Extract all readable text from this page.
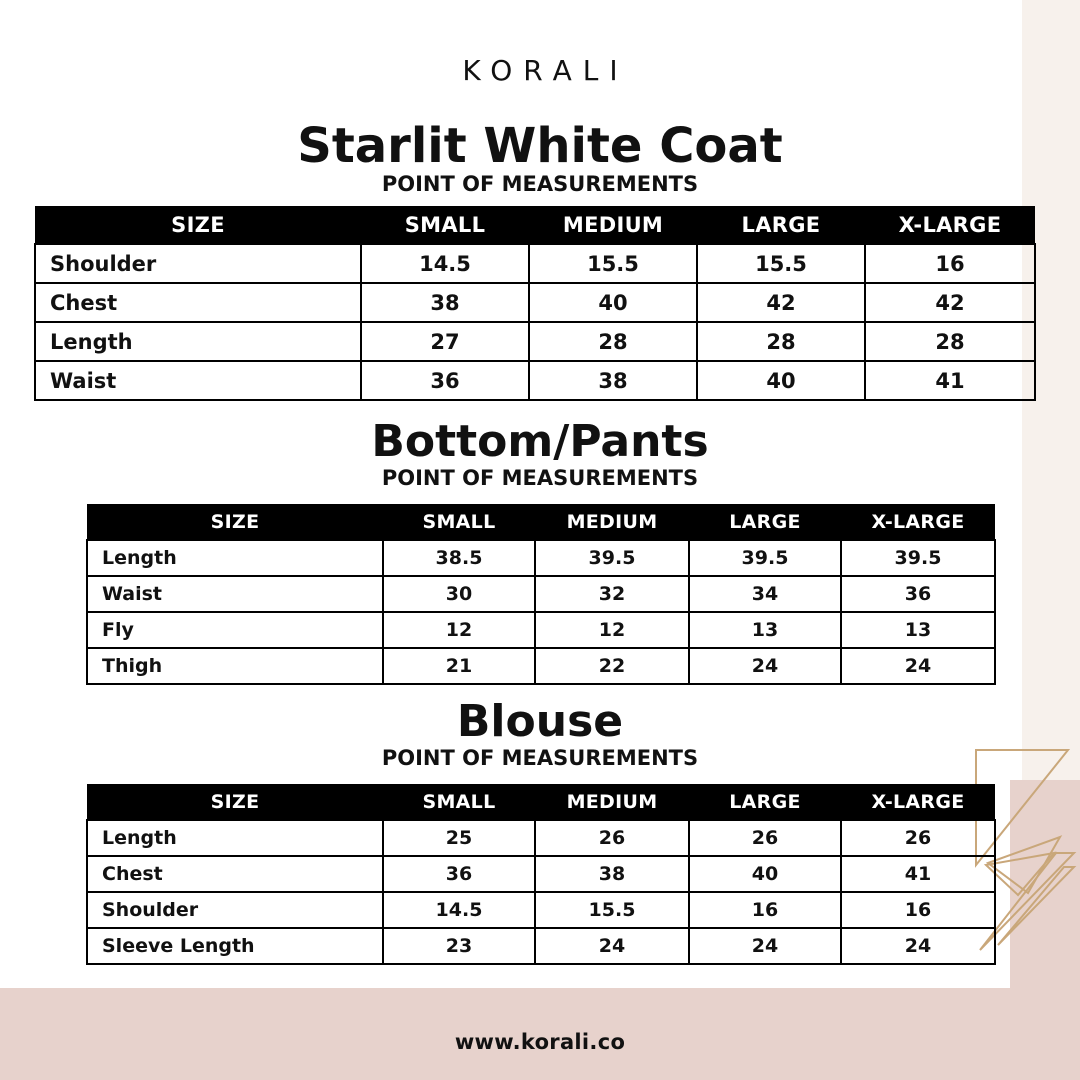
KORALI
Starlit White Coat
POINT OF MEASUREMENTS
SIZE	SMALL	MEDIUM	LARGE	X-LARGE
Shoulder	14.5	15.5	15.5	16
Chest	38	40	42	42
Length	27	28	28	28
Waist	36	38	40	41
Bottom/Pants
POINT OF MEASUREMENTS
SIZE	SMALL	MEDIUM	LARGE	X-LARGE
Length	38.5	39.5	39.5	39.5
Waist	30	32	34	36
Fly	12	12	13	13
Thigh	21	22	24	24
Blouse
POINT OF MEASUREMENTS
SIZE	SMALL	MEDIUM	LARGE	X-LARGE
Length	25	26	26	26
Chest	36	38	40	41
Shoulder	14.5	15.5	16	16
Sleeve Length	23	24	24	24
www.korali.co
